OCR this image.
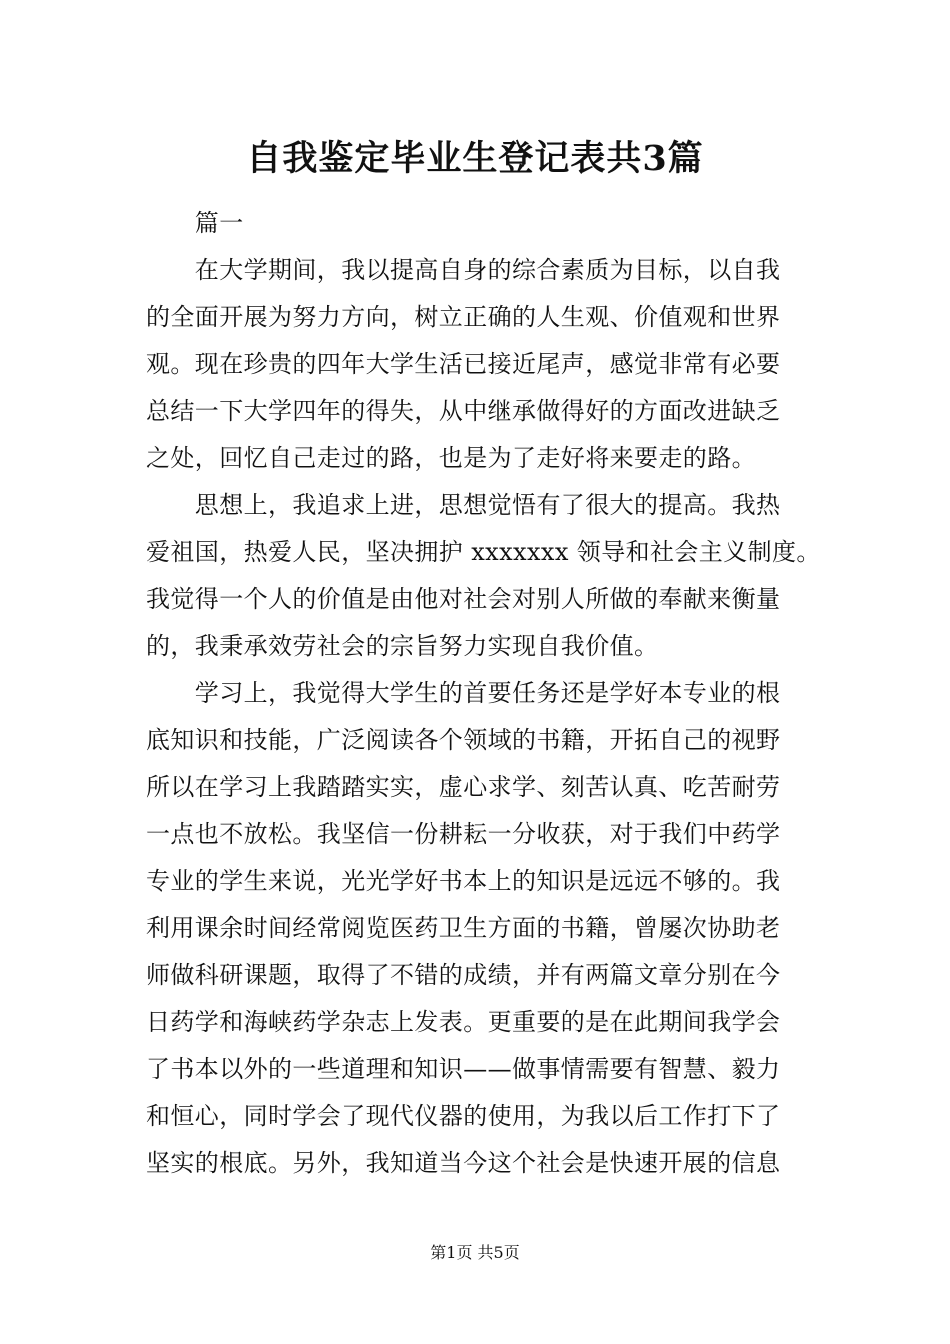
自我鉴定毕业生登记表共3篇
　　篇一
　　在大学期间，我以提高自身的综合素质为目标，以自我
的全面开展为努力方向，树立正确的人生观、价值观和世界
观。现在珍贵的四年大学生活已接近尾声，感觉非常有必要
总结一下大学四年的得失，从中继承做得好的方面改进缺乏
之处，回忆自己走过的路，也是为了走好将来要走的路。
　　思想上，我追求上进，思想觉悟有了很大的提高。我热
爱祖国，热爱人民，坚决拥护 xxxxxxx 领导和社会主义制度。
我觉得一个人的价值是由他对社会对别人所做的奉献来衡量
的，我秉承效劳社会的宗旨努力实现自我价值。
　　学习上，我觉得大学生的首要任务还是学好本专业的根
底知识和技能，广泛阅读各个领域的书籍，开拓自己的视野
所以在学习上我踏踏实实，虚心求学、刻苦认真、吃苦耐劳
一点也不放松。我坚信一份耕耘一分收获，对于我们中药学
专业的学生来说，光光学好书本上的知识是远远不够的。我
利用课余时间经常阅览医药卫生方面的书籍，曾屡次协助老
师做科研课题，取得了不错的成绩，并有两篇文章分别在今
日药学和海峡药学杂志上发表。更重要的是在此期间我学会
了书本以外的一些道理和知识——做事情需要有智慧、毅力
和恒心，同时学会了现代仪器的使用，为我以后工作打下了
坚实的根底。另外，我知道当今这个社会是快速开展的信息
第1页 共5页
